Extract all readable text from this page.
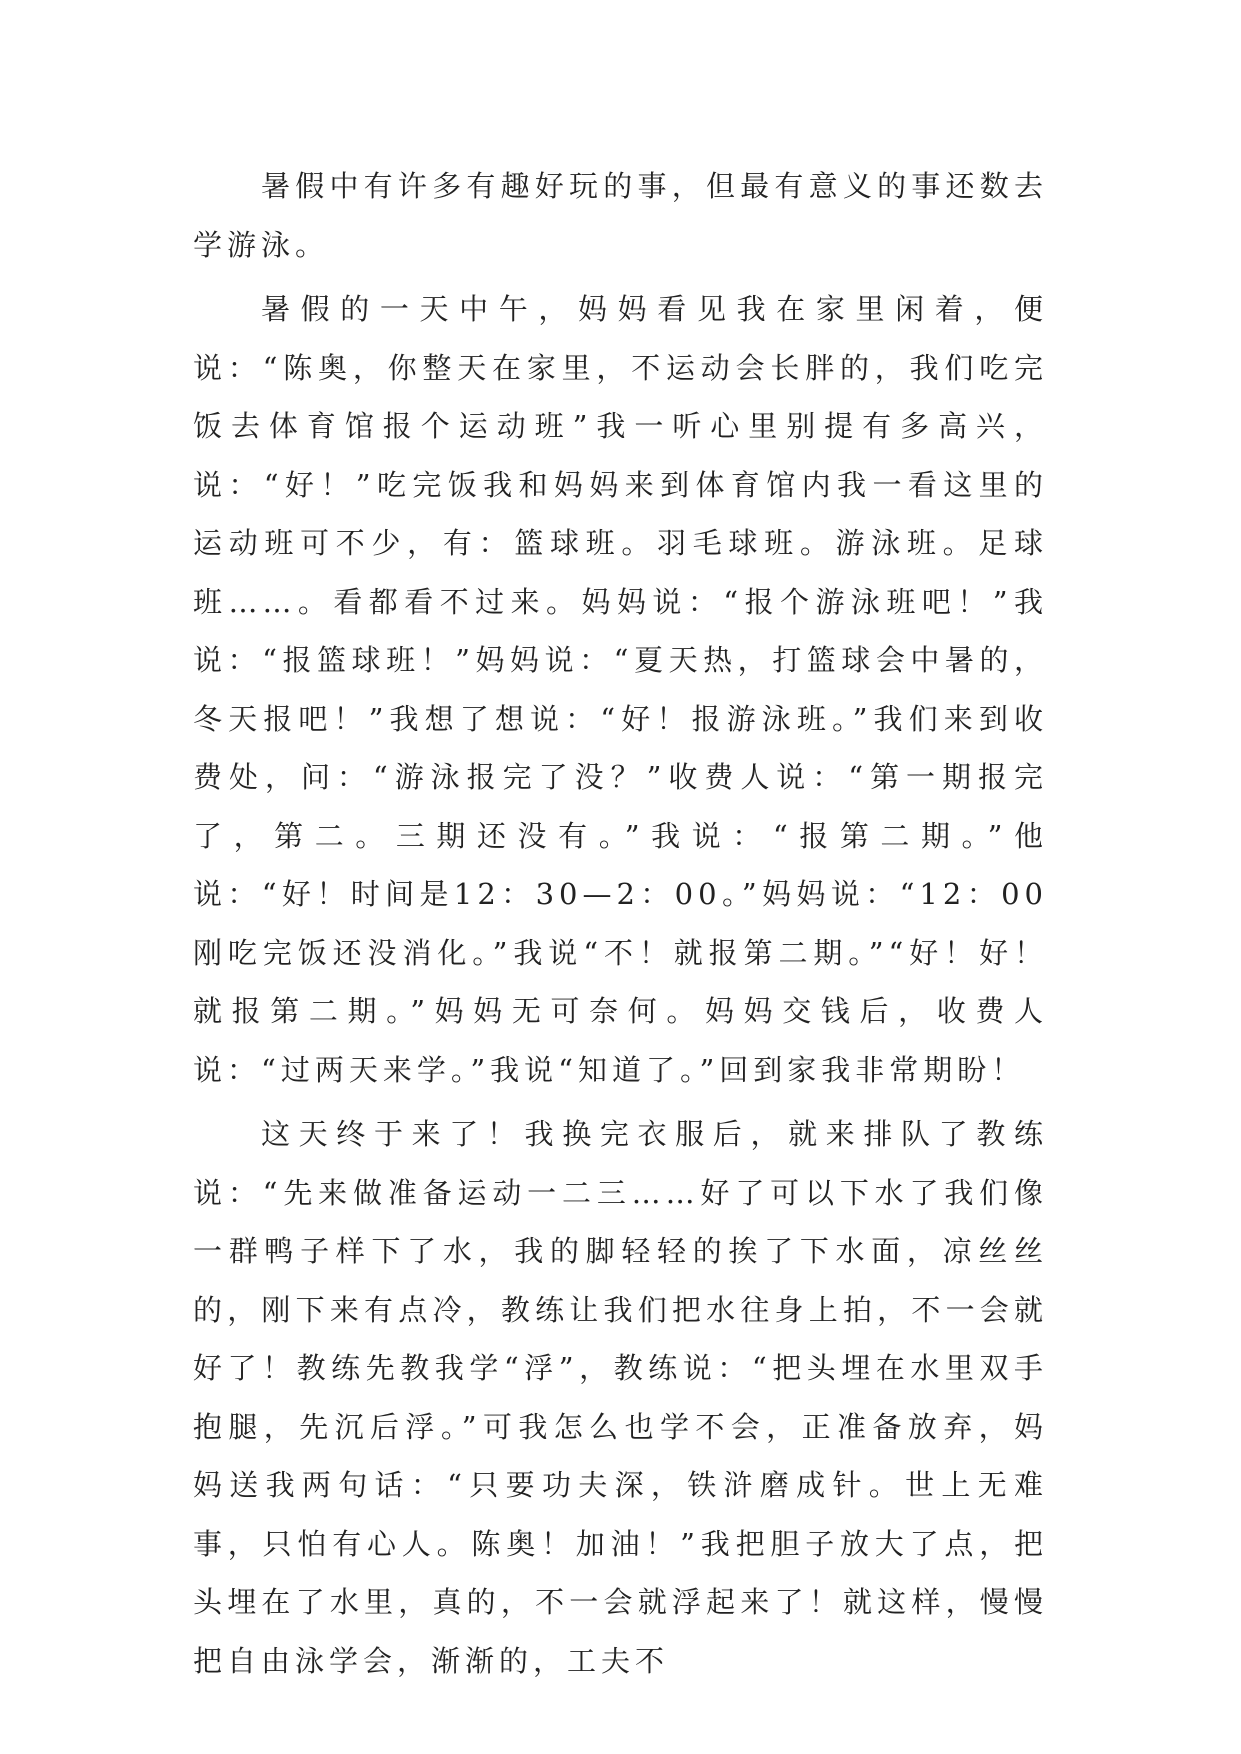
暑假中有许多有趣好玩的事，但最有意义的事还数去学游泳。

暑假的一天中午，妈妈看见我在家里闲着，便说：“陈奥，你整天在家里，不运动会长胖的，我们吃完饭去体育馆报个运动班”我一听心里别提有多高兴，说：“好！”吃完饭我和妈妈来到体育馆内我一看这里的运动班可不少，有：篮球班。羽毛球班。游泳班。足球班……。看都看不过来。妈妈说：“报个游泳班吧！”我说：“报篮球班！”妈妈说：“夏天热，打篮球会中暑的，冬天报吧！”我想了想说：“好！报游泳班。”我们来到收费处，问：“游泳报完了没？”收费人说：“第一期报完了，第二。三期还没有。”我说：“报第二期。”他说：“好！时间是12：30—2：00。”妈妈说：“12：00刚吃完饭还没消化。”我说“不！就报第二期。”“好！好！就报第二期。”妈妈无可奈何。妈妈交钱后，收费人说：“过两天来学。”我说“知道了。”回到家我非常期盼！

这天终于来了！我换完衣服后，就来排队了教练说：“先来做准备运动一二三……好了可以下水了我们像一群鸭子样下了水，我的脚轻轻的挨了下水面，凉丝丝的，刚下来有点冷，教练让我们把水往身上拍，不一会就好了！教练先教我学“浮”，教练说：“把头埋在水里双手抱腿，先沉后浮。”可我怎么也学不会，正准备放弃，妈妈送我两句话：“只要功夫深，铁浒磨成针。世上无难事，只怕有心人。陈奥！加油！”我把胆子放大了点，把头埋在了水里，真的，不一会就浮起来了！就这样，慢慢把自由泳学会，渐渐的，工夫不
